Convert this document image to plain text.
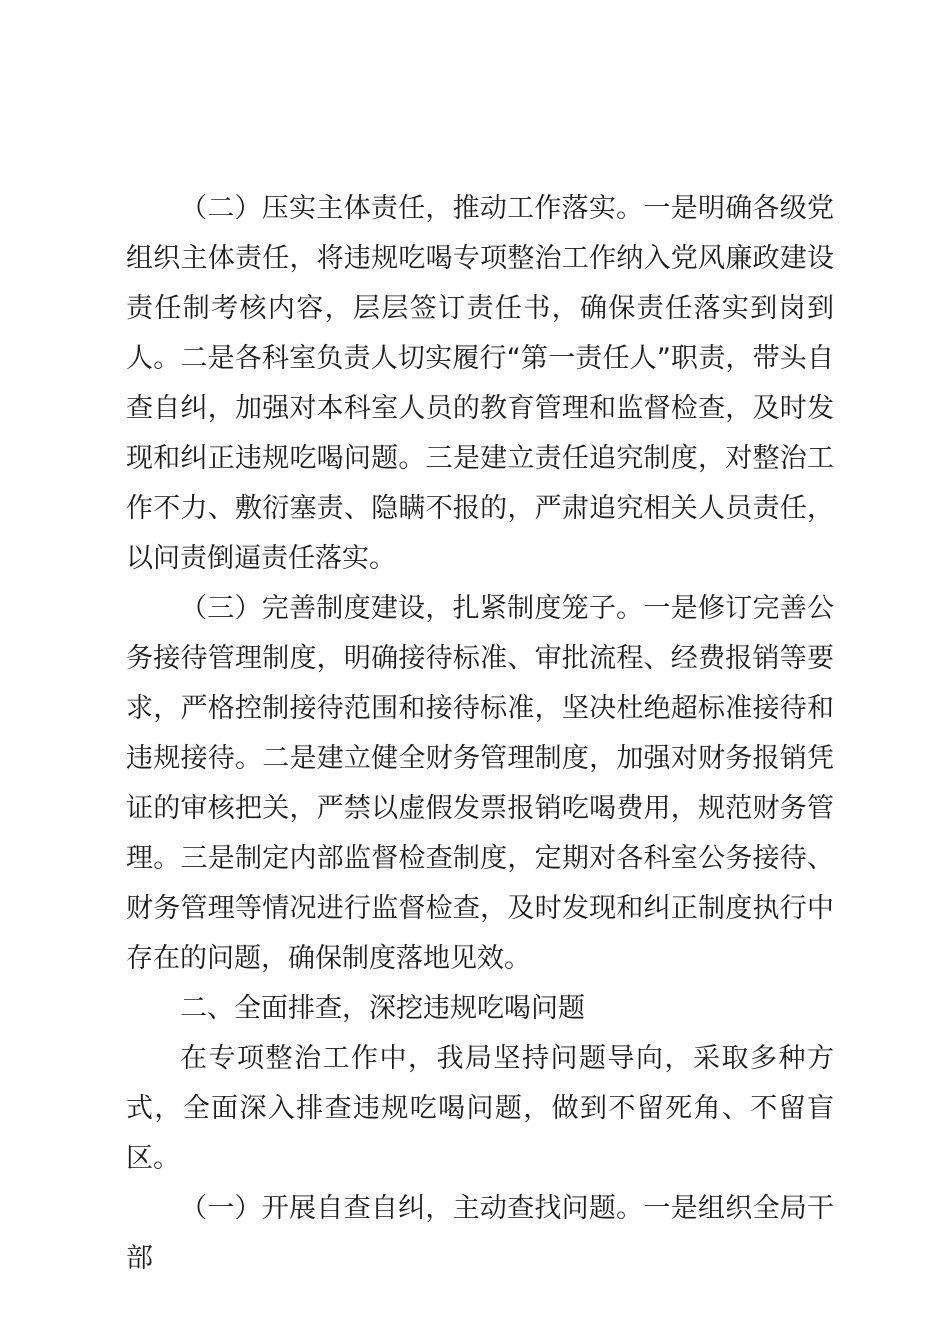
（二）压实主体责任，推动工作落实。一是明确各级党组织主体责任，将违规吃喝专项整治工作纳入党风廉政建设责任制考核内容，层层签订责任书，确保责任落实到岗到人。二是各科室负责人切实履行“第一责任人”职责，带头自查自纠，加强对本科室人员的教育管理和监督检查，及时发现和纠正违规吃喝问题。三是建立责任追究制度，对整治工作不力、敷衍塞责、隐瞒不报的，严肃追究相关人员责任，以问责倒逼责任落实。

（三）完善制度建设，扎紧制度笼子。一是修订完善公务接待管理制度，明确接待标准、审批流程、经费报销等要求，严格控制接待范围和接待标准，坚决杜绝超标准接待和违规接待。二是建立健全财务管理制度，加强对财务报销凭证的审核把关，严禁以虚假发票报销吃喝费用，规范财务管理。三是制定内部监督检查制度，定期对各科室公务接待、财务管理等情况进行监督检查，及时发现和纠正制度执行中存在的问题，确保制度落地见效。

二、全面排查，深挖违规吃喝问题

在专项整治工作中，我局坚持问题导向，采取多种方式，全面深入排查违规吃喝问题，做到不留死角、不留盲区。

（一）开展自查自纠，主动查找问题。一是组织全局干部
